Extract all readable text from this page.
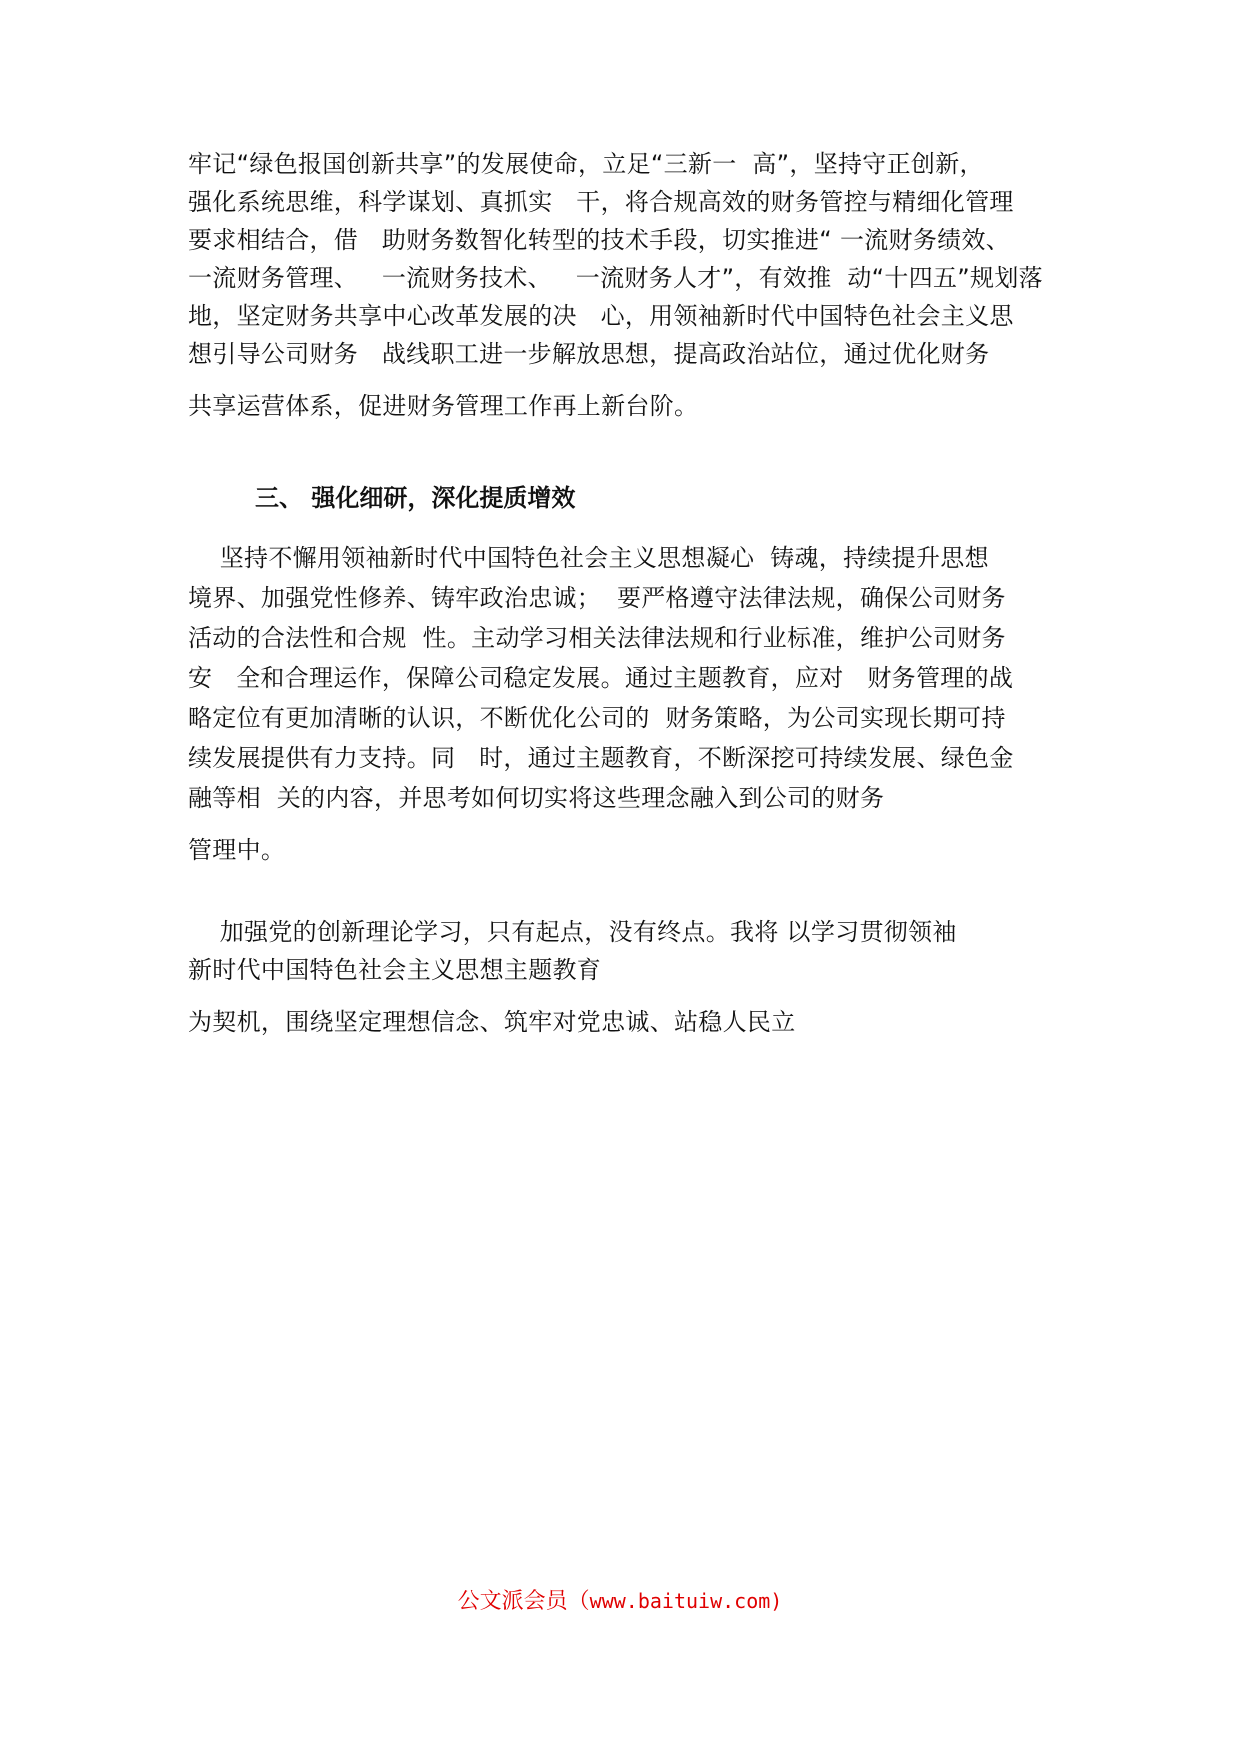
牢记“绿色报国创新共享”的发展使命，立足“三新一  高”，坚持守正创新，
强化系统思维，科学谋划、真抓实   干，将合规高效的财务管控与精细化管理
要求相结合，借   助财务数智化转型的技术手段，切实推进“ 一流财务绩效、
一流财务管理、   一流财务技术、   一流财务人才”，有效推  动“十四五”规划落
地，坚定财务共享中心改革发展的决   心，用领袖新时代中国特色社会主义思
想引导公司财务   战线职工进一步解放思想，提高政治站位，通过优化财务
共享运营体系，促进财务管理工作再上新台阶。
三、 强化细研，深化提质增效
坚持不懈用领袖新时代中国特色社会主义思想凝心  铸魂，持续提升思想
境界、加强党性修养、铸牢政治忠诚；  要严格遵守法律法规，确保公司财务
活动的合法性和合规  性。主动学习相关法律法规和行业标准，维护公司财务
安   全和合理运作，保障公司稳定发展。通过主题教育，应对   财务管理的战
略定位有更加清晰的认识，不断优化公司的  财务策略，为公司实现长期可持
续发展提供有力支持。同   时，通过主题教育，不断深挖可持续发展、绿色金
融等相  关的内容，并思考如何切实将这些理念融入到公司的财务
管理中。
加强党的创新理论学习，只有起点，没有终点。我将 以学习贯彻领袖
新时代中国特色社会主义思想主题教育
为契机，围绕坚定理想信念、筑牢对党忠诚、站稳人民立
公文派会员（www.baituiw.com)
